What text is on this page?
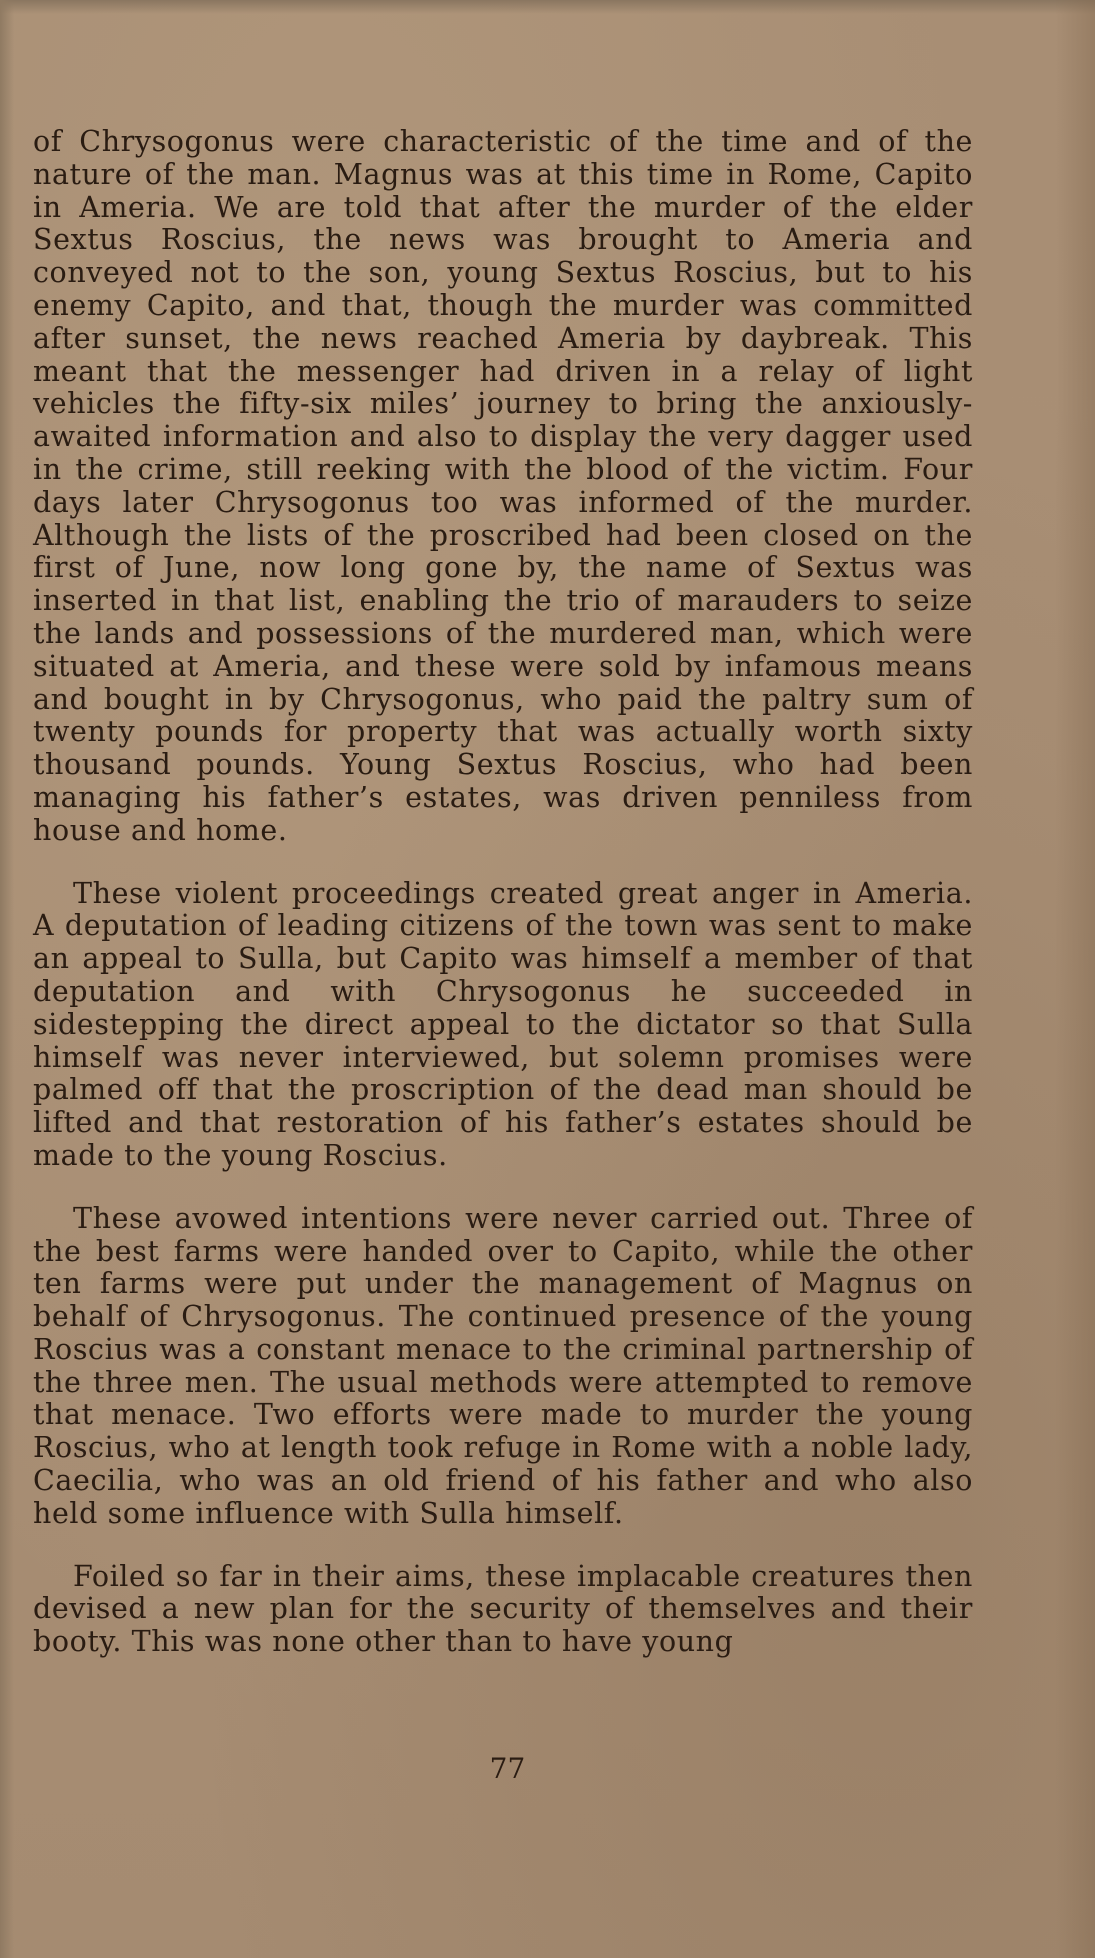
of Chrysogonus were characteristic of the time and of the nature of the man. Magnus was at this time in Rome, Capito in Ameria. We are told that after the murder of the elder Sextus Roscius, the news was brought to Ameria and conveyed not to the son, young Sextus Roscius, but to his enemy Capito, and that, though the murder was committed after sunset, the news reached Ameria by daybreak. This meant that the messenger had driven in a relay of light vehicles the fifty-six miles’ journey to bring the anxiously-awaited information and also to display the very dagger used in the crime, still reeking with the blood of the victim. Four days later Chrysogonus too was informed of the murder. Although the lists of the proscribed had been closed on the first of June, now long gone by, the name of Sextus was inserted in that list, enabling the trio of marauders to seize the lands and possessions of the murdered man, which were situated at Ameria, and these were sold by infamous means and bought in by Chrysogonus, who paid the paltry sum of twenty pounds for property that was actually worth sixty thousand pounds. Young Sextus Roscius, who had been managing his father’s estates, was driven penniless from house and home.

These violent proceedings created great anger in Ameria. A deputation of leading citizens of the town was sent to make an appeal to Sulla, but Capito was himself a member of that deputation and with Chrysogonus he succeeded in sidestepping the direct appeal to the dictator so that Sulla himself was never interviewed, but solemn promises were palmed off that the proscription of the dead man should be lifted and that restoration of his father’s estates should be made to the young Roscius.

These avowed intentions were never carried out. Three of the best farms were handed over to Capito, while the other ten farms were put under the management of Magnus on behalf of Chrysogonus. The continued presence of the young Roscius was a constant menace to the criminal partnership of the three men. The usual methods were attempted to remove that menace. Two efforts were made to murder the young Roscius, who at length took refuge in Rome with a noble lady, Caecilia, who was an old friend of his father and who also held some influence with Sulla himself.

Foiled so far in their aims, these implacable creatures then devised a new plan for the security of themselves and their booty. This was none other than to have young

77
